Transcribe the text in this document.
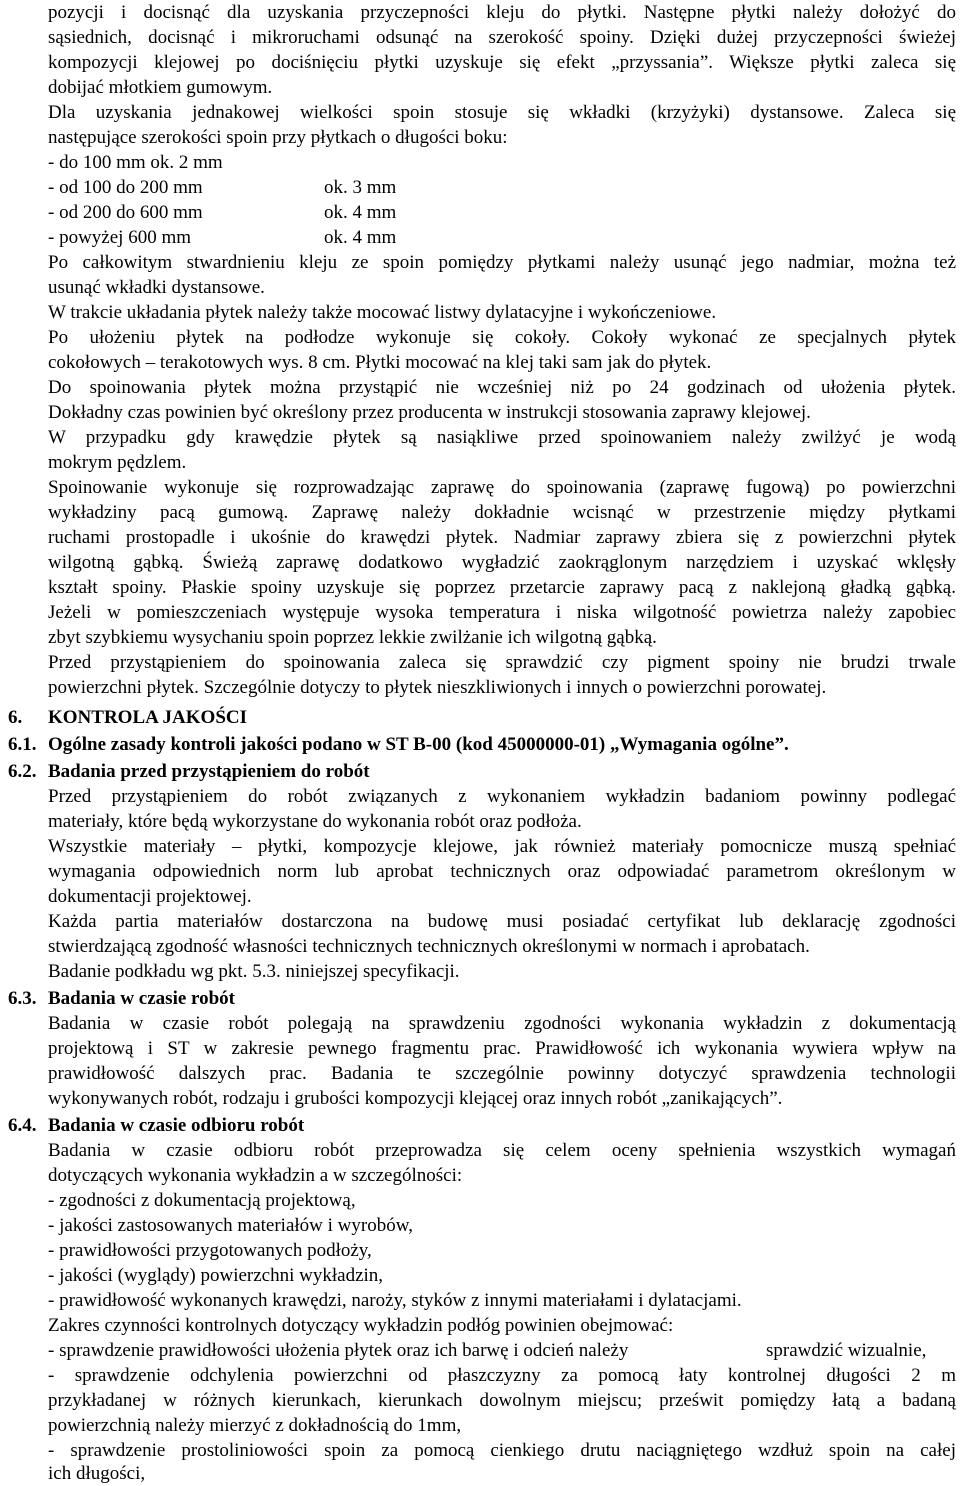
pozycji i docisnąć dla uzyskania przyczepności kleju do płytki. Następne płytki należy dołożyć do
sąsiednich, docisnąć i mikroruchami odsunąć na szerokość spoiny. Dzięki dużej przyczepności świeżej
kompozycji klejowej po dociśnięciu płytki uzyskuje się efekt „przyssania”. Większe płytki zaleca się
dobijać młotkiem gumowym.
Dla uzyskania jednakowej wielkości spoin stosuje się wkładki (krzyżyki) dystansowe. Zaleca się
następujące szerokości spoin przy płytkach o długości boku:
- do 100 mm ok. 2 mm
- od 100 do 200 mm	ok. 3 mm
- od 200 do 600 mm	ok. 4 mm
- powyżej 600 mm	ok. 4 mm
Po całkowitym stwardnieniu kleju ze spoin pomiędzy płytkami należy usunąć jego nadmiar, można też
usunąć wkładki dystansowe.
W trakcie układania płytek należy także mocować listwy dylatacyjne i wykończeniowe.
Po ułożeniu płytek na podłodze wykonuje się cokoły. Cokoły wykonać ze specjalnych płytek
cokołowych – terakotowych wys. 8 cm. Płytki mocować na klej taki sam jak do płytek.
Do spoinowania płytek można przystąpić nie wcześniej niż po 24 godzinach od ułożenia płytek.
Dokładny czas powinien być określony przez producenta w instrukcji stosowania zaprawy klejowej.
W przypadku gdy krawędzie płytek są nasiąkliwe przed spoinowaniem należy zwilżyć je wodą
mokrym pędzlem.
Spoinowanie wykonuje się rozprowadzając zaprawę do spoinowania (zaprawę fugową) po powierzchni
wykładziny pacą gumową. Zaprawę należy dokładnie wcisnąć w przestrzenie między płytkami
ruchami prostopadle i ukośnie do krawędzi płytek. Nadmiar zaprawy zbiera się z powierzchni płytek
wilgotną gąbką. Świeżą zaprawę dodatkowo wygładzić zaokrąglonym narzędziem i uzyskać wklęsły
kształt spoiny. Płaskie spoiny uzyskuje się poprzez przetarcie zaprawy pacą z naklejoną gładką gąbką.
Jeżeli w pomieszczeniach występuje wysoka temperatura i niska wilgotność powietrza należy zapobiec
zbyt szybkiemu wysychaniu spoin poprzez lekkie zwilżanie ich wilgotną gąbką.
Przed przystąpieniem do spoinowania zaleca się sprawdzić czy pigment spoiny nie brudzi trwale
powierzchni płytek. Szczególnie dotyczy to płytek nieszkliwionych i innych o powierzchni porowatej.
6. KONTROLA JAKOŚCI
6.1. Ogólne zasady kontroli jakości podano w ST B-00 (kod 45000000-01) „Wymagania ogólne”.
6.2. Badania przed przystąpieniem do robót
Przed przystąpieniem do robót związanych z wykonaniem wykładzin badaniom powinny podlegać
materiały, które będą wykorzystane do wykonania robót oraz podłoża.
Wszystkie materiały – płytki, kompozycje klejowe, jak również materiały pomocnicze muszą spełniać
wymagania odpowiednich norm lub aprobat technicznych oraz odpowiadać parametrom określonym w
dokumentacji projektowej.
Każda partia materiałów dostarczona na budowę musi posiadać certyfikat lub deklarację zgodności
stwierdzającą zgodność własności technicznych technicznych określonymi w normach i aprobatach.
Badanie podkładu wg pkt. 5.3. niniejszej specyfikacji.
6.3. Badania w czasie robót
Badania w czasie robót polegają na sprawdzeniu zgodności wykonania wykładzin z dokumentacją
projektową i ST w zakresie pewnego fragmentu prac. Prawidłowość ich wykonania wywiera wpływ na
prawidłowość dalszych prac. Badania te szczególnie powinny dotyczyć sprawdzenia technologii
wykonywanych robót, rodzaju i grubości kompozycji klejącej oraz innych robót „zanikających”.
6.4. Badania w czasie odbioru robót
Badania w czasie odbioru robót przeprowadza się celem oceny spełnienia wszystkich wymagań
dotyczących wykonania wykładzin a w szczególności:
- zgodności z dokumentacją projektową,
- jakości zastosowanych materiałów i wyrobów,
- prawidłowości przygotowanych podłoży,
- jakości (wyglądy) powierzchni wykładzin,
- prawidłowość wykonanych krawędzi, naroży, styków z innymi materiałami i dylatacjami.
Zakres czynności kontrolnych dotyczący wykładzin podłóg powinien obejmować:
- sprawdzenie prawidłowości ułożenia płytek oraz ich barwę i odcień należy	sprawdzić wizualnie,
- sprawdzenie odchylenia powierzchni od płaszczyzny za pomocą łaty kontrolnej długości 2 m
przykładanej w różnych kierunkach, kierunkach dowolnym miejscu; prześwit pomiędzy łatą a badaną
powierzchnią należy mierzyć z dokładnością do 1mm,
- sprawdzenie prostoliniowości spoin za pomocą cienkiego drutu naciągniętego wzdłuż spoin na całej
ich długości,
